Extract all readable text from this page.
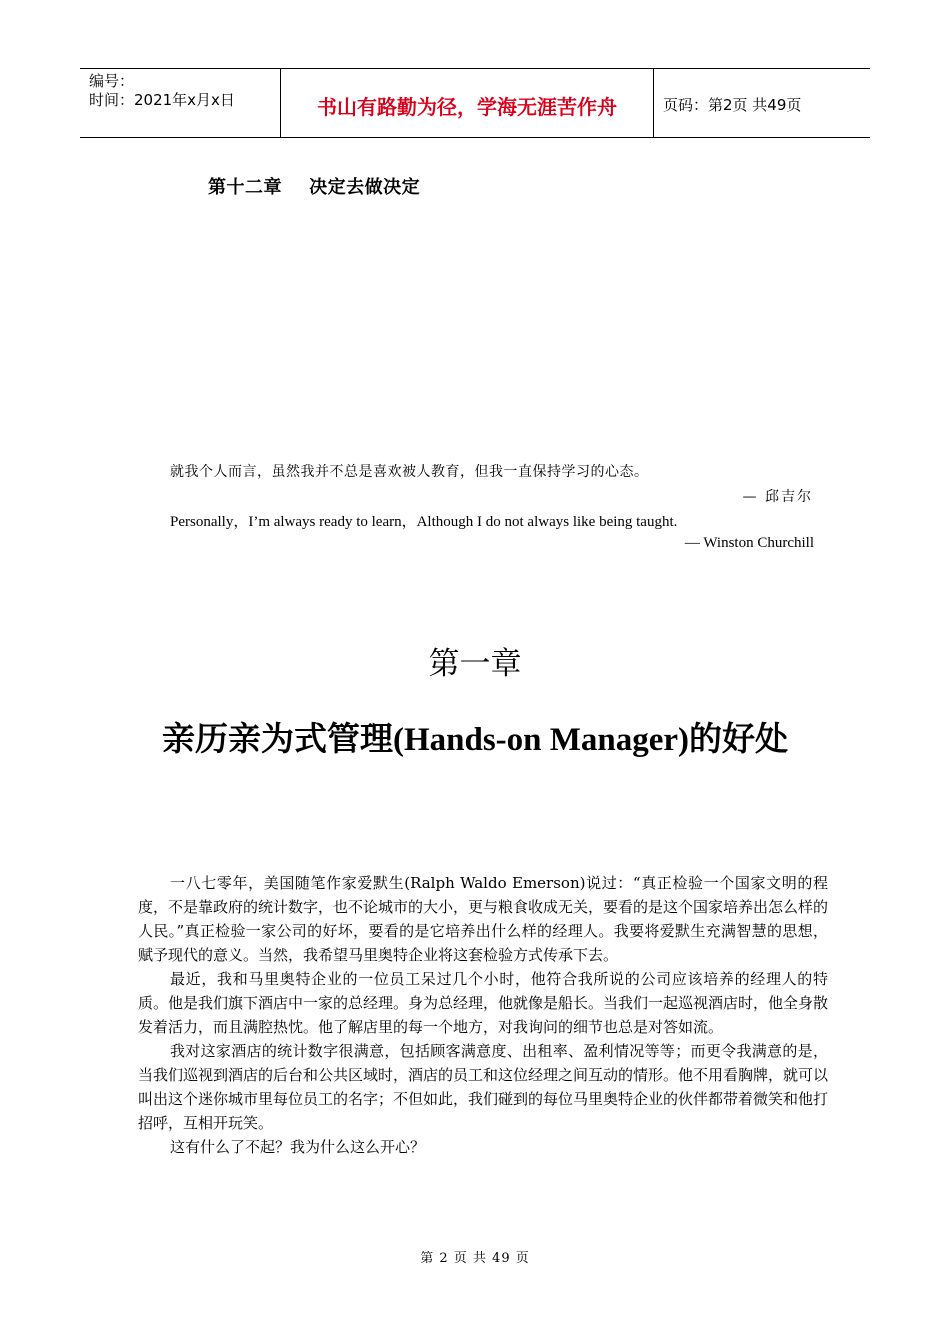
编号：
时间：2021年x月x日	书山有路勤为径，学海无涯苦作舟	页码：第2页 共49页
第十二章    决定去做决定
就我个人而言，虽然我并不总是喜欢被人教育，但我一直保持学习的心态。
— 邱吉尔
Personally，I’m always ready to learn，Although I do not always like being taught.
— Winston Churchill
第一章
亲历亲为式管理(Hands-on Manager)的好处

一八七零年，美国随笔作家爱默生(Ralph Waldo Emerson)说过：“真正检验一个国家文明的程度，不是靠政府的统计数字，也不论城市的大小，更与粮食收成无关，要看的是这个国家培养出怎么样的人民。”真正检验一家公司的好坏，要看的是它培养出什么样的经理人。我要将爱默生充满智慧的思想，赋予现代的意义。当然，我希望马里奥特企业将这套检验方式传承下去。

最近，我和马里奥特企业的一位员工呆过几个小时，他符合我所说的公司应该培养的经理人的特质。他是我们旗下酒店中一家的总经理。身为总经理，他就像是船长。当我们一起巡视酒店时，他全身散发着活力，而且满腔热忱。他了解店里的每一个地方，对我询问的细节也总是对答如流。

我对这家酒店的统计数字很满意，包括顾客满意度、出租率、盈利情况等等；而更令我满意的是，当我们巡视到酒店的后台和公共区域时，酒店的员工和这位经理之间互动的情形。他不用看胸牌，就可以叫出这个迷你城市里每位员工的名字；不但如此，我们碰到的每位马里奥特企业的伙伴都带着微笑和他打招呼，互相开玩笑。

这有什么了不起？我为什么这么开心？

第 2 页 共 49 页
